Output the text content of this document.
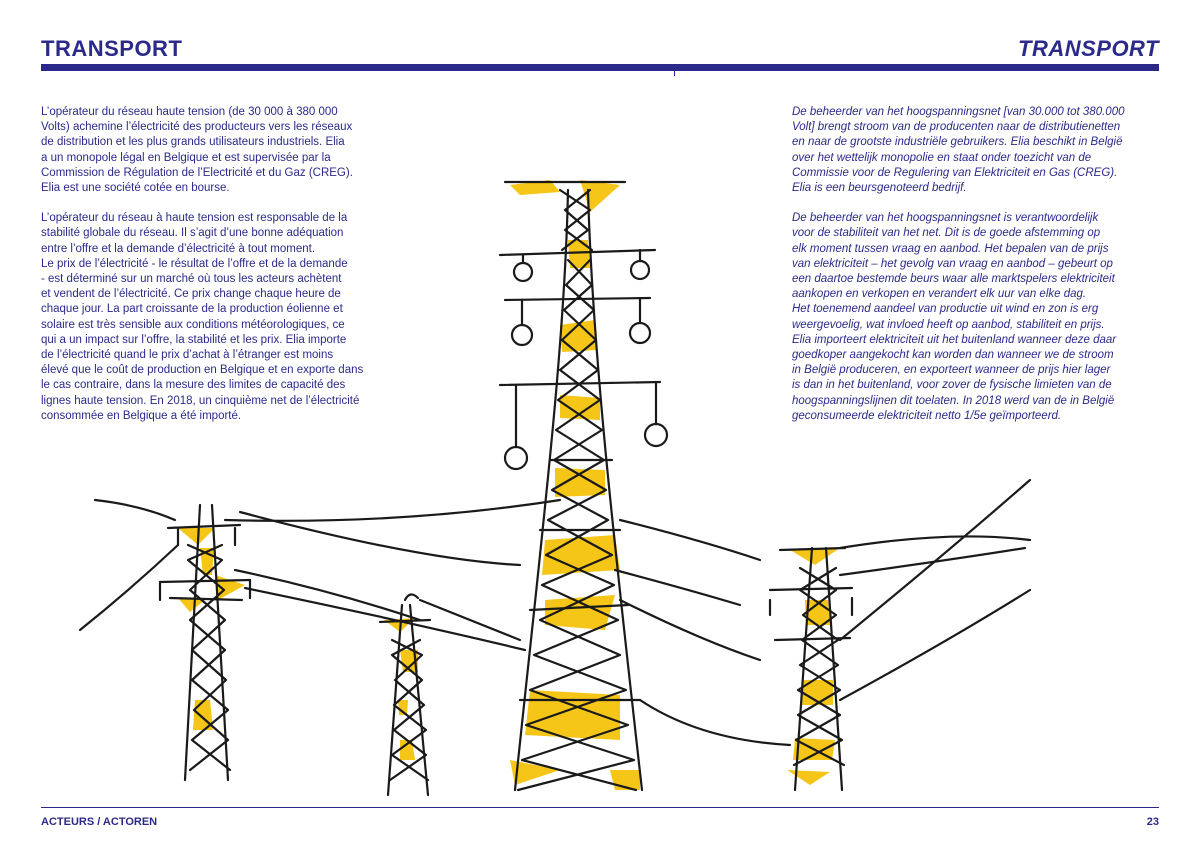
TRANSPORT	TRANSPORT

L’opérateur du réseau haute tension (de 30 000 à 380 000
Volts) achemine l’électricité des producteurs vers les réseaux
de distribution et les plus grands utilisateurs industriels. Elia
a un monopole légal en Belgique et est supervisée par la
Commission de Régulation de l’Electricité et du Gaz (CREG).
Elia est une société cotée en bourse.

L’opérateur du réseau à haute tension est responsable de la
stabilité globale du réseau. Il s’agit d’une bonne adéquation
entre l’offre et la demande d’électricité à tout moment.
Le prix de l’électricité - le résultat de l’offre et de la demande
- est déterminé sur un marché où tous les acteurs achètent
et vendent de l’électricité. Ce prix change chaque heure de
chaque jour. La part croissante de la production éolienne et
solaire est très sensible aux conditions météorologiques, ce
qui a un impact sur l’offre, la stabilité et les prix. Elia importe
de l’électricité quand le prix d’achat à l’étranger est moins
élevé que le coût de production en Belgique et en exporte dans
le cas contraire, dans la mesure des limites de capacité des
lignes haute tension. En 2018, un cinquième net de l’électricité
consommée en Belgique a été importé.

De beheerder van het hoogspanningsnet [van 30.000 tot 380.000
Volt] brengt stroom van de producenten naar de distributienetten
en naar de grootste industriële gebruikers. Elia beschikt in België
over het wettelijk monopolie en staat onder toezicht van de
Commissie voor de Regulering van Elektriciteit en Gas (CREG).
Elia is een beursgenoteerd bedrijf.

De beheerder van het hoogspanningsnet is verantwoordelijk
voor de stabiliteit van het net. Dit is de goede afstemming op
elk moment tussen vraag en aanbod. Het bepalen van de prijs
van elektriciteit – het gevolg van vraag en aanbod – gebeurt op
een daartoe bestemde beurs waar alle marktspelers elektriciteit
aankopen en verkopen en verandert elk uur van elke dag.
Het toenemend aandeel van productie uit wind en zon is erg
weergevoelig, wat invloed heeft op aanbod, stabiliteit en prijs.
Elia importeert elektriciteit uit het buitenland wanneer deze daar
goedkoper aangekocht kan worden dan wanneer we de stroom
in België produceren, en exporteert wanneer de prijs hier lager
is dan in het buitenland, voor zover de fysische limieten van de
hoogspanningslijnen dit toelaten. In 2018 werd van de in België
geconsumeerde elektriciteit netto 1/5e geïmporteerd.

ACTEURS / ACTOREN	23
